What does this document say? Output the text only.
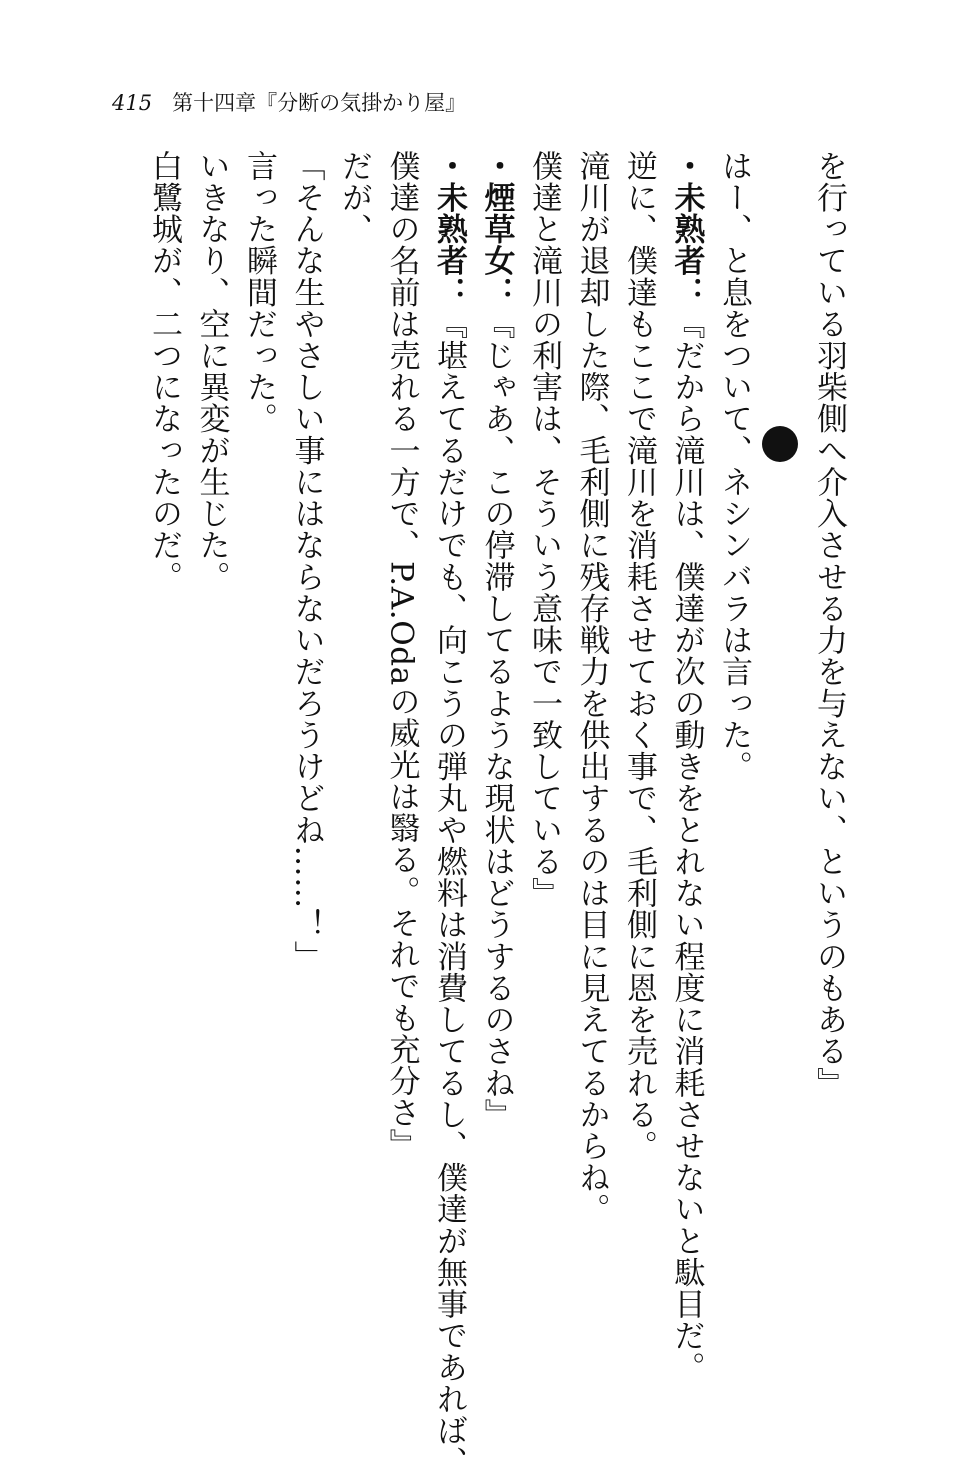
415 第十四章『分断の気掛かり屋』
を行っている羽柴側へ介入させる力を与えない、というのもある』
はー、と息をついて、ネシンバラは言った。
・未熟者：『だから滝川は、僕達が次の動きをとれない程度に消耗させないと駄目だ。
逆に、僕達もここで滝川を消耗させておく事で、毛利側に恩を売れる。
滝川が退却した際、毛利側に残存戦力を供出するのは目に見えてるからね。
僕達と滝川の利害は、そういう意味で一致している』
・煙草女：『じゃあ、この停滞してるような現状はどうするのさね』
・未熟者：『堪えてるだけでも、向こうの弾丸や燃料は消費してるし、僕達が無事であれば、
僕達の名前は売れる一方で、P.A.Odaの威光は翳る。それでも充分さ』
だが、
「そんな生やさしい事にはならないだろうけどね……！」
言った瞬間だった。
いきなり、空に異変が生じた。
白鷺城が、二つになったのだ。
